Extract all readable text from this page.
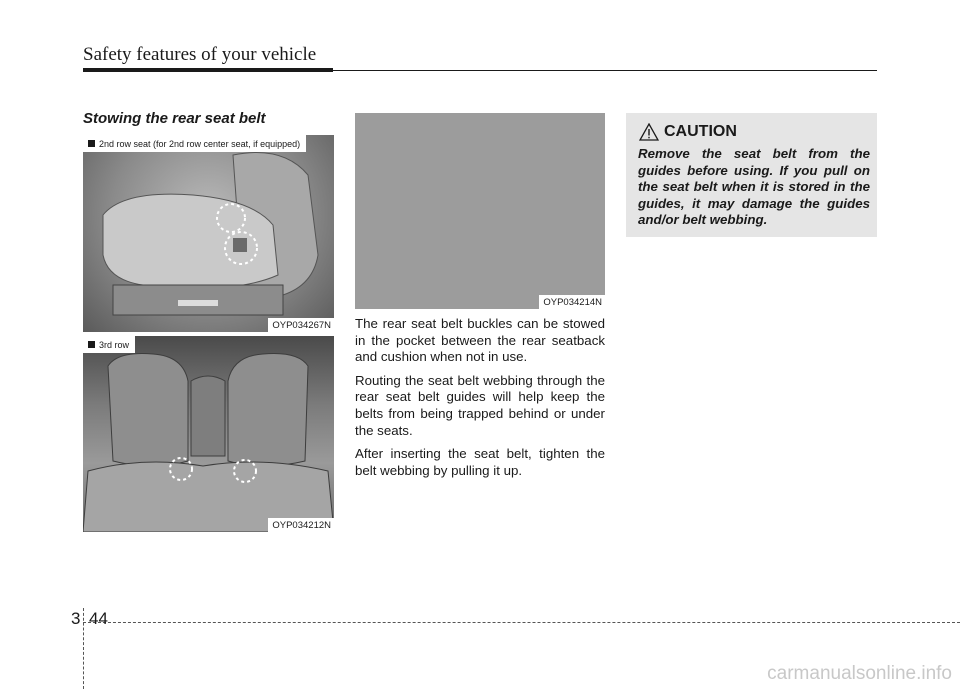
Safety features of your vehicle
Stowing the rear seat belt
2nd row seat (for 2nd row center seat, if equipped)
OYP034267N
3rd row
OYP034212N
OYP034214N

The rear seat belt buckles can be stowed in the pocket between the rear seatback and cushion when not in use.

Routing the seat belt webbing through the rear seat belt guides will help keep the belts from being trapped behind or under the seats.

After inserting the seat belt, tighten the belt webbing by pulling it up.

CAUTION
Remove the seat belt from the guides before using. If you pull on the seat belt when it is stored in the guides, it may damage the guides and/or belt webbing.
3 44
carmanualsonline.info
